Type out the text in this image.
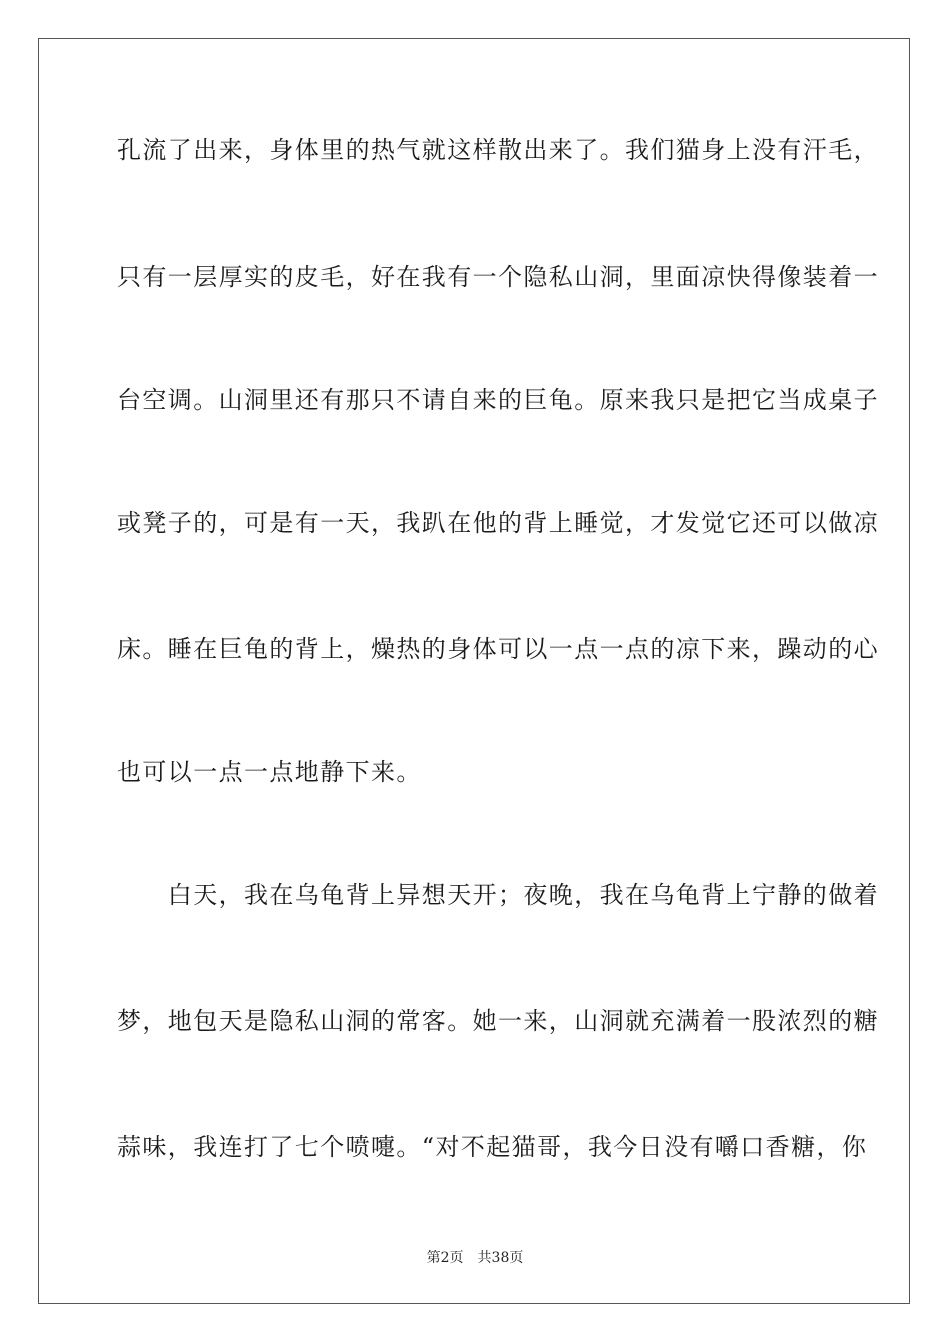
孔流了出来，身体里的热气就这样散出来了。我们猫身上没有汗毛，
只有一层厚实的皮毛，好在我有一个隐私山洞，里面凉快得像装着一
台空调。山洞里还有那只不请自来的巨龟。原来我只是把它当成桌子
或凳子的，可是有一天，我趴在他的背上睡觉，才发觉它还可以做凉
床。睡在巨龟的背上，燥热的身体可以一点一点的凉下来，躁动的心
也可以一点一点地静下来。
　　白天，我在乌龟背上异想天开；夜晚，我在乌龟背上宁静的做着
梦，地包天是隐私山洞的常客。她一来，山洞就充满着一股浓烈的糖
蒜味，我连打了七个喷嚏。“对不起猫哥，我今日没有嚼口香糖，你
第2页 共38页
